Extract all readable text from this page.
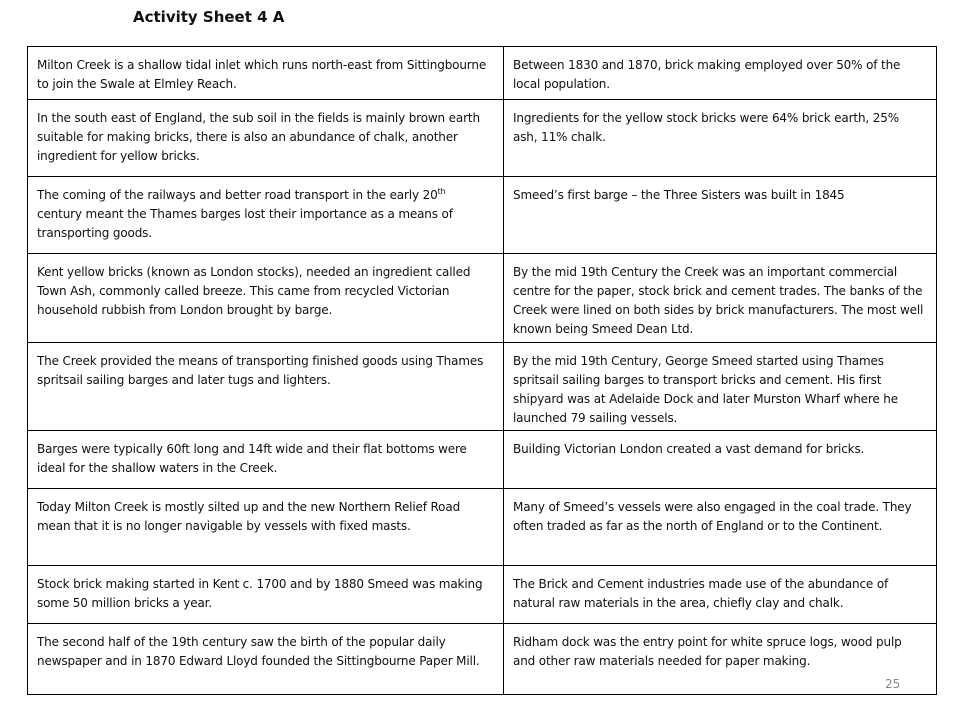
Activity Sheet 4 A
Milton Creek is a shallow tidal inlet which runs north-east from Sittingbourne to join the Swale at Elmley Reach.	Between 1830 and 1870, brick making employed over 50% of the local population.
In the south east of England, the sub soil in the fields is mainly brown earth suitable for making bricks, there is also an abundance of chalk, another ingredient for yellow bricks.	Ingredients for the yellow stock bricks were 64% brick earth, 25% ash, 11% chalk.
The coming of the railways and better road transport in the early 20th century meant the Thames barges lost their importance as a means of transporting goods.	Smeed’s first barge – the Three Sisters was built in 1845
Kent yellow bricks (known as London stocks), needed an ingredient called Town Ash, commonly called breeze. This came from recycled Victorian household rubbish from London brought by barge.	By the mid 19th Century the Creek was an important commercial centre for the paper, stock brick and cement trades. The banks of the Creek were lined on both sides by brick manufacturers. The most well known being Smeed Dean Ltd.
The Creek provided the means of transporting finished goods using Thames spritsail sailing barges and later tugs and lighters.	By the mid 19th Century, George Smeed started using Thames spritsail sailing barges to transport bricks and cement. His first shipyard was at Adelaide Dock and later Murston Wharf where he launched 79 sailing vessels.
Barges were typically 60ft long and 14ft wide and their flat bottoms were ideal for the shallow waters in the Creek.	Building Victorian London created a vast demand for bricks.
Today Milton Creek is mostly silted up and the new Northern Relief Road mean that it is no longer navigable by vessels with fixed masts.	Many of Smeed’s vessels were also engaged in the coal trade. They often traded as far as the north of England or to the Continent.
Stock brick making started in Kent c. 1700 and by 1880 Smeed was making some 50 million bricks a year.	The Brick and Cement industries made use of the abundance of natural raw materials in the area, chiefly clay and chalk.
The second half of the 19th century saw the birth of the popular daily newspaper and in 1870 Edward Lloyd founded the Sittingbourne Paper Mill.	Ridham dock was the entry point for white spruce logs, wood pulp and other raw materials needed for paper making.
25
